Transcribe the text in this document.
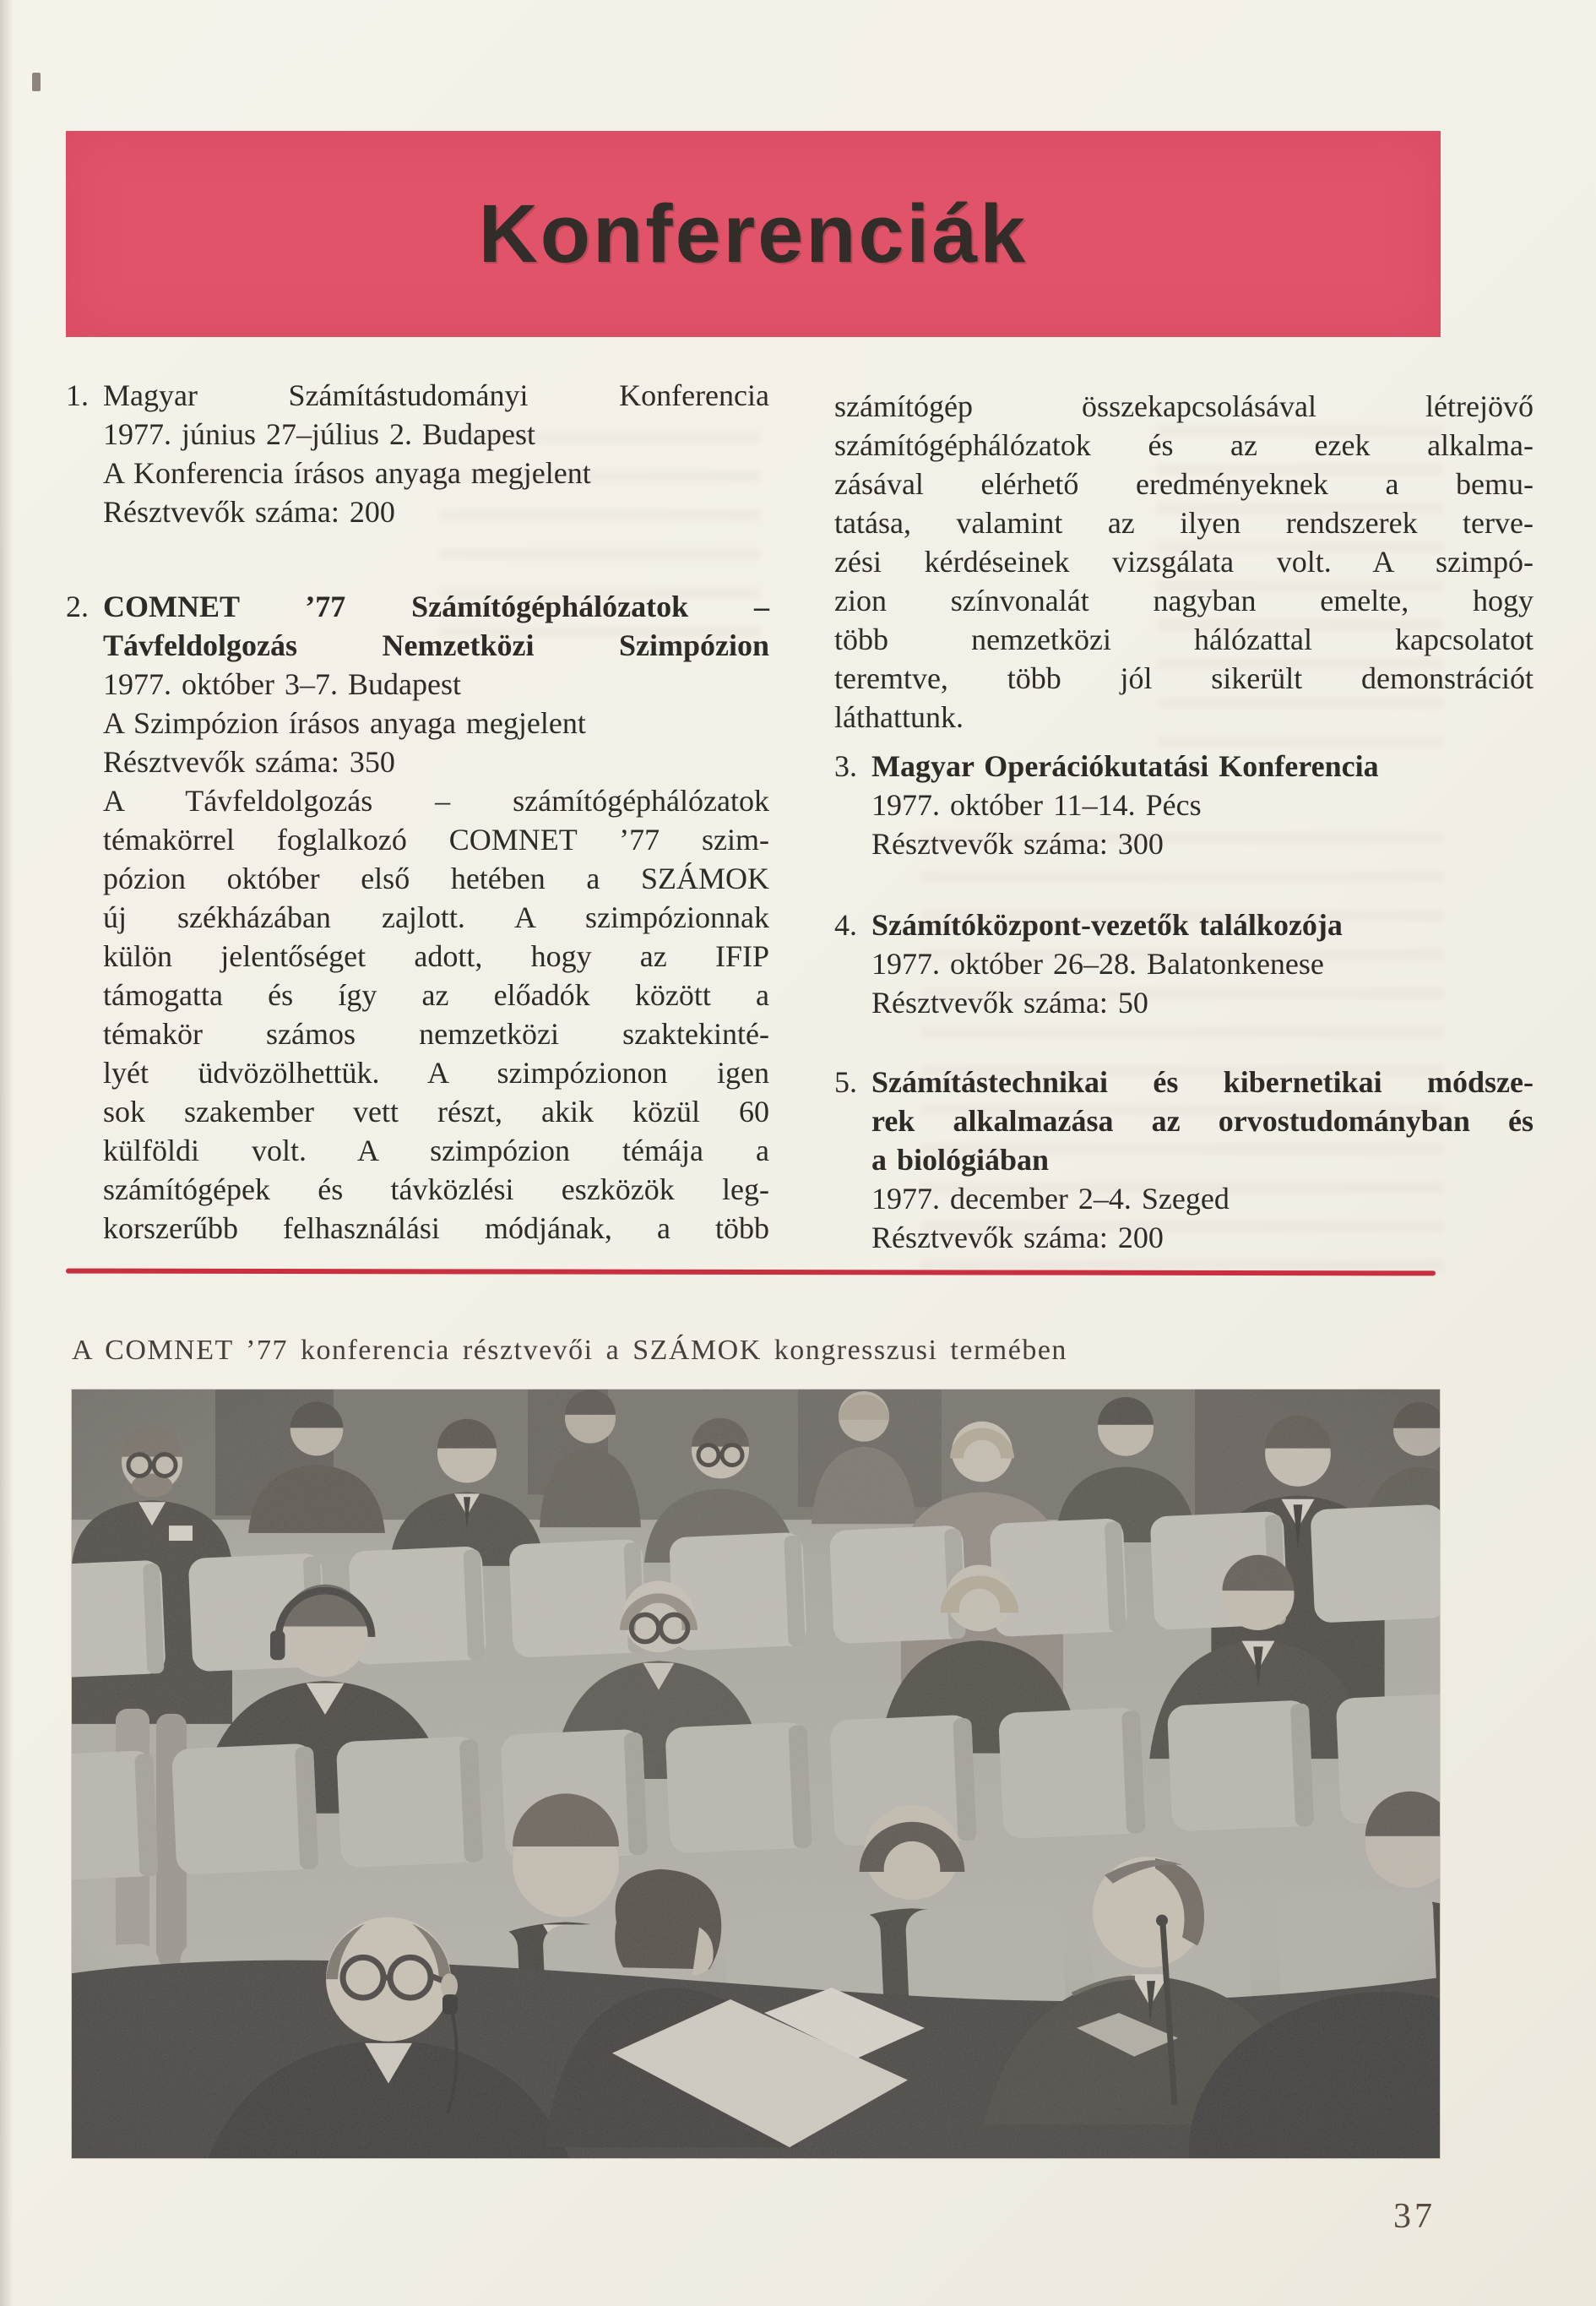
Konferenciák
1. Magyar Számítástudományi Konferencia
1977. június 27–július 2. Budapest
A Konferencia írásos anyaga megjelent
Résztvevők száma: 200
2. COMNET ’77 Számítógéphálózatok –
Távfeldolgozás Nemzetközi Szimpózion
1977. október 3–7. Budapest
A Szimpózion írásos anyaga megjelent
Résztvevők száma: 350
A Távfeldolgozás – számítógéphálózatok
témakörrel foglalkozó COMNET ’77 szim-
pózion október első hetében a SZÁMOK
új székházában zajlott. A szimpózionnak
külön jelentőséget adott, hogy az IFIP
támogatta és így az előadók között a
témakör számos nemzetközi szaktekinté-
lyét üdvözölhettük. A szimpózionon igen
sok szakember vett részt, akik közül 60
külföldi volt. A szimpózion témája a
számítógépek és távközlési eszközök leg-
korszerűbb felhasználási módjának, a több
számítógép összekapcsolásával létrejövő
számítógéphálózatok és az ezek alkalma-
zásával elérhető eredményeknek a bemu-
tatása, valamint az ilyen rendszerek terve-
zési kérdéseinek vizsgálata volt. A szimpó-
zion színvonalát nagyban emelte, hogy
több nemzetközi hálózattal kapcsolatot
teremtve, több jól sikerült demonstrációt
láthattunk.
3. Magyar Operációkutatási Konferencia
1977. október 11–14. Pécs
Résztvevők száma: 300
4. Számítóközpont-vezetők találkozója
1977. október 26–28. Balatonkenese
Résztvevők száma: 50
5. Számítástechnikai és kibernetikai módsze-
rek alkalmazása az orvostudományban és
a biológiában
1977. december 2–4. Szeged
Résztvevők száma: 200
A COMNET ’77 konferencia résztvevői a SZÁMOK kongresszusi termében
37
